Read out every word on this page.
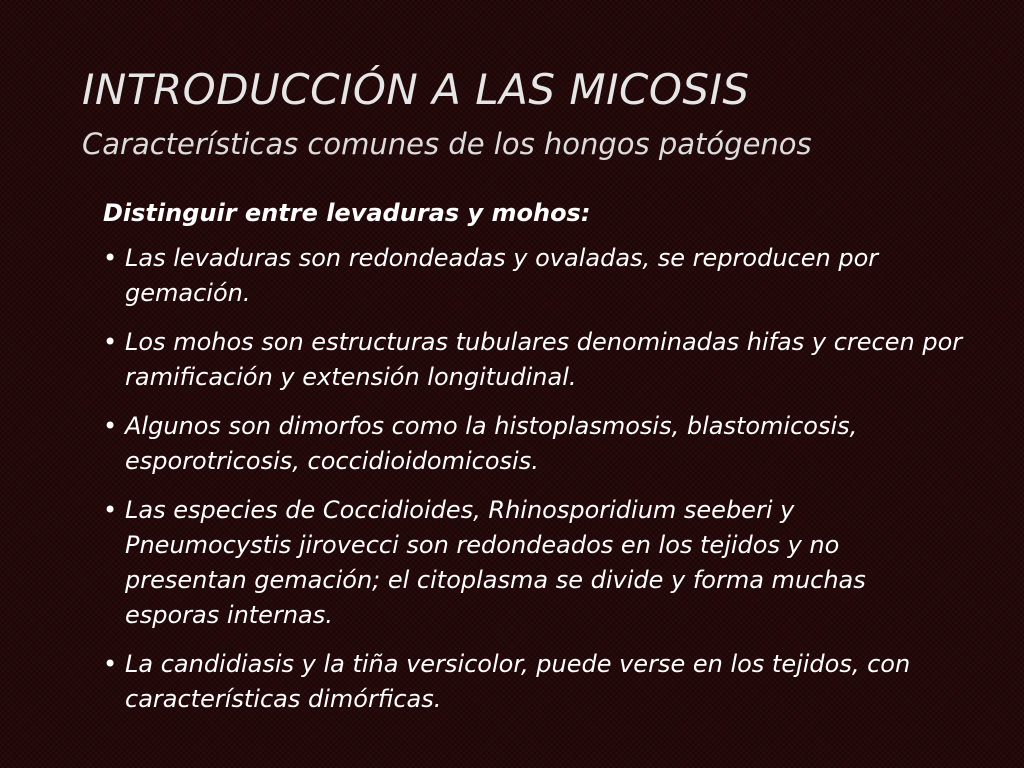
INTRODUCCIÓN A LAS MICOSIS
Características comunes de los hongos patógenos
Distinguir entre levaduras y mohos:
• Las levaduras son redondeadas y ovaladas, se reproducen por gemación.
• Los mohos son estructuras tubulares denominadas hifas y crecen por ramificación y extensión longitudinal.
• Algunos son dimorfos como la histoplasmosis, blastomicosis, esporotricosis, coccidioidomicosis.
• Las especies de Coccidioides, Rhinosporidium seeberi y Pneumocystis jirovecci son redondeados en los tejidos y no presentan gemación; el citoplasma se divide y forma muchas esporas internas.
• La candidiasis y la tiña versicolor, puede verse en los tejidos, con características dimórficas.
